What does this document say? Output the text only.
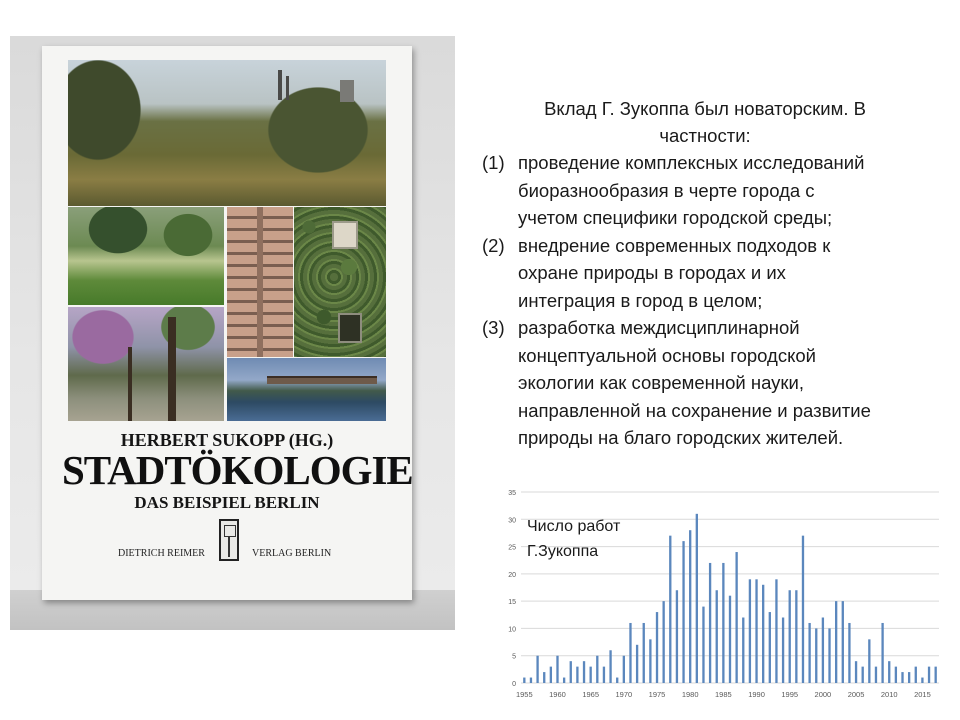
HERBERT SUKOPP (HG.)
STADTÖKOLOGIE
DAS BEISPIEL BERLIN
DIETRICH REIMER	VERLAG BERLIN
Вклад Г. Зукоппа был новаторским. В
частности:
(1) проведение комплексных исследований
биоразнообразия в черте города с
учетом специфики городской среды;
(2) внедрение современных подходов к
охране природы в городах и их
интеграция в город в целом;
(3) разработка междисциплинарной
концептуальной основы городской
экологии как современной науки,
направленной на сохранение и развитие
природы на благо городских жителей.
0
5
10
15
20
25
30
35
1955 1960 1965 1970 1975 1980 1985 1990 1995 2000 2005 2010 2015
Число работ
Г.Зукоппа
